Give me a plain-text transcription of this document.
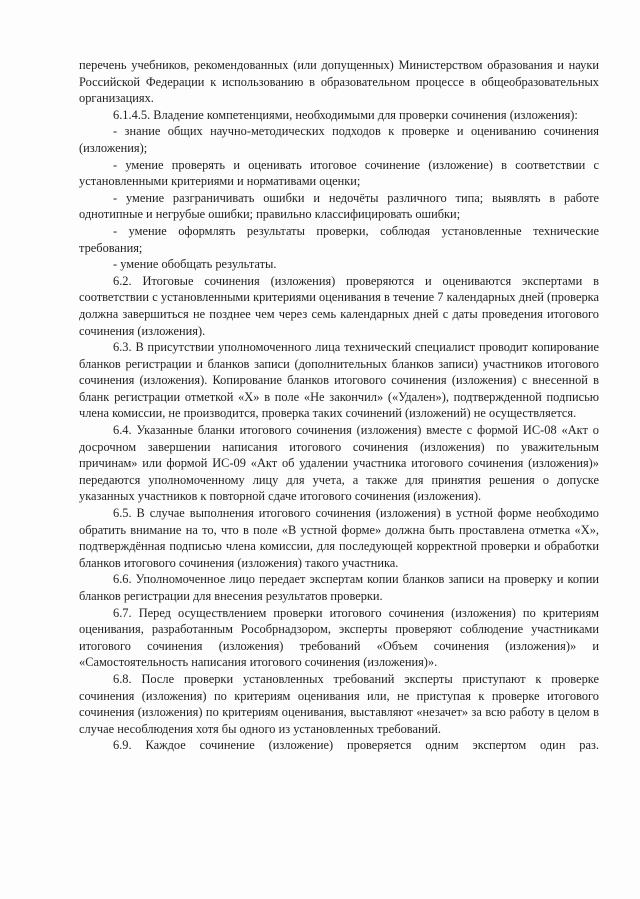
перечень учебников, рекомендованных (или допущенных) Министерством образования и науки Российской Федерации к использованию в образовательном процессе в общеобразовательных организациях.

6.1.4.5. Владение компетенциями, необходимыми для проверки сочинения (изложения):

- знание общих научно-методических подходов к проверке и оцениванию сочинения (изложения);

- умение проверять и оценивать итоговое сочинение (изложение) в соответствии с установленными критериями и нормативами оценки;

- умение разграничивать ошибки и недочёты различного типа; выявлять в работе однотипные и негрубые ошибки; правильно классифицировать ошибки;

- умение оформлять результаты проверки, соблюдая установленные технические требования;

- умение обобщать результаты.

6.2. Итоговые сочинения (изложения) проверяются и оцениваются экспертами в соответствии с установленными критериями оценивания в течение 7 календарных дней (проверка должна завершиться не позднее чем через семь календарных дней с даты проведения итогового сочинения (изложения).

6.3. В присутствии уполномоченного лица технический специалист проводит копирование бланков регистрации и бланков записи (дополнительных бланков записи) участников итогового сочинения (изложения). Копирование бланков итогового сочинения (изложения) с внесенной в бланк регистрации отметкой «Х» в поле «Не закончил» («Удален»), подтвержденной подписью члена комиссии, не производится, проверка таких сочинений (изложений) не осуществляется.

6.4. Указанные бланки итогового сочинения (изложения) вместе с формой ИС-08 «Акт о досрочном завершении написания итогового сочинения (изложения) по уважительным причинам» или формой ИС-09 «Акт об удалении участника итогового сочинения (изложения)» передаются уполномоченному лицу для учета, а также для принятия решения о допуске указанных участников к повторной сдаче итогового сочинения (изложения).

6.5. В случае выполнения итогового сочинения (изложения) в устной форме необходимо обратить внимание на то, что в поле «В устной форме» должна быть проставлена отметка «Х», подтверждённая подписью члена комиссии, для последующей корректной проверки и обработки бланков итогового сочинения (изложения) такого участника.

6.6. Уполномоченное лицо передает экспертам копии бланков записи на проверку и копии бланков регистрации для внесения результатов проверки.

6.7. Перед осуществлением проверки итогового сочинения (изложения) по критериям оценивания, разработанным Рособрнадзором, эксперты проверяют соблюдение участниками итогового сочинения (изложения) требований «Объем сочинения (изложения)» и «Самостоятельность написания итогового сочинения (изложения)».

6.8. После проверки установленных требований эксперты приступают к проверке сочинения (изложения) по критериям оценивания или, не приступая к проверке итогового сочинения (изложения) по критериям оценивания, выставляют «незачет» за всю работу в целом в случае несоблюдения хотя бы одного из установленных требований.

6.9. Каждое сочинение (изложение) проверяется одним экспертом один раз.
